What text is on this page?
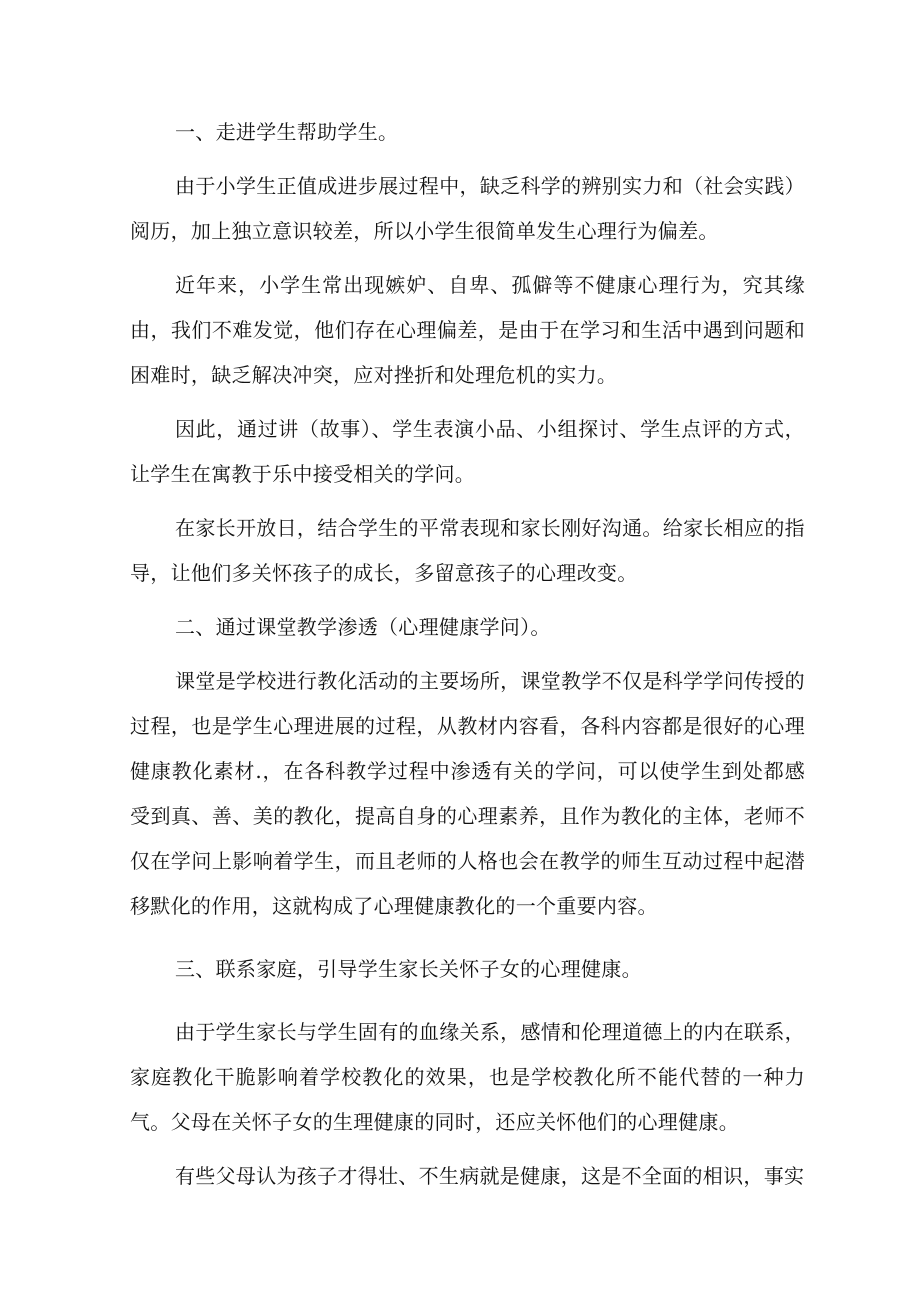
一、走进学生帮助学生。

由于小学生正值成进步展过程中，缺乏科学的辨别实力和（社会实践）阅历，加上独立意识较差，所以小学生很简单发生心理行为偏差。

近年来，小学生常出现嫉妒、自卑、孤僻等不健康心理行为，究其缘由，我们不难发觉，他们存在心理偏差，是由于在学习和生活中遇到问题和困难时，缺乏解决冲突，应对挫折和处理危机的实力。

因此，通过讲（故事）、学生表演小品、小组探讨、学生点评的方式，让学生在寓教于乐中接受相关的学问。

在家长开放日，结合学生的平常表现和家长刚好沟通。给家长相应的指导，让他们多关怀孩子的成长，多留意孩子的心理改变。

二、通过课堂教学渗透（心理健康学问）。

课堂是学校进行教化活动的主要场所，课堂教学不仅是科学学问传授的过程，也是学生心理进展的过程，从教材内容看，各科内容都是很好的心理健康教化素材.，在各科教学过程中渗透有关的学问，可以使学生到处都感受到真、善、美的教化，提高自身的心理素养，且作为教化的主体，老师不仅在学问上影响着学生，而且老师的人格也会在教学的师生互动过程中起潜移默化的作用，这就构成了心理健康教化的一个重要内容。

三、联系家庭，引导学生家长关怀子女的心理健康。

由于学生家长与学生固有的血缘关系，感情和伦理道德上的内在联系，家庭教化干脆影响着学校教化的效果，也是学校教化所不能代替的一种力气。父母在关怀子女的生理健康的同时，还应关怀他们的心理健康。

有些父母认为孩子才得壮、不生病就是健康，这是不全面的相识，事实
